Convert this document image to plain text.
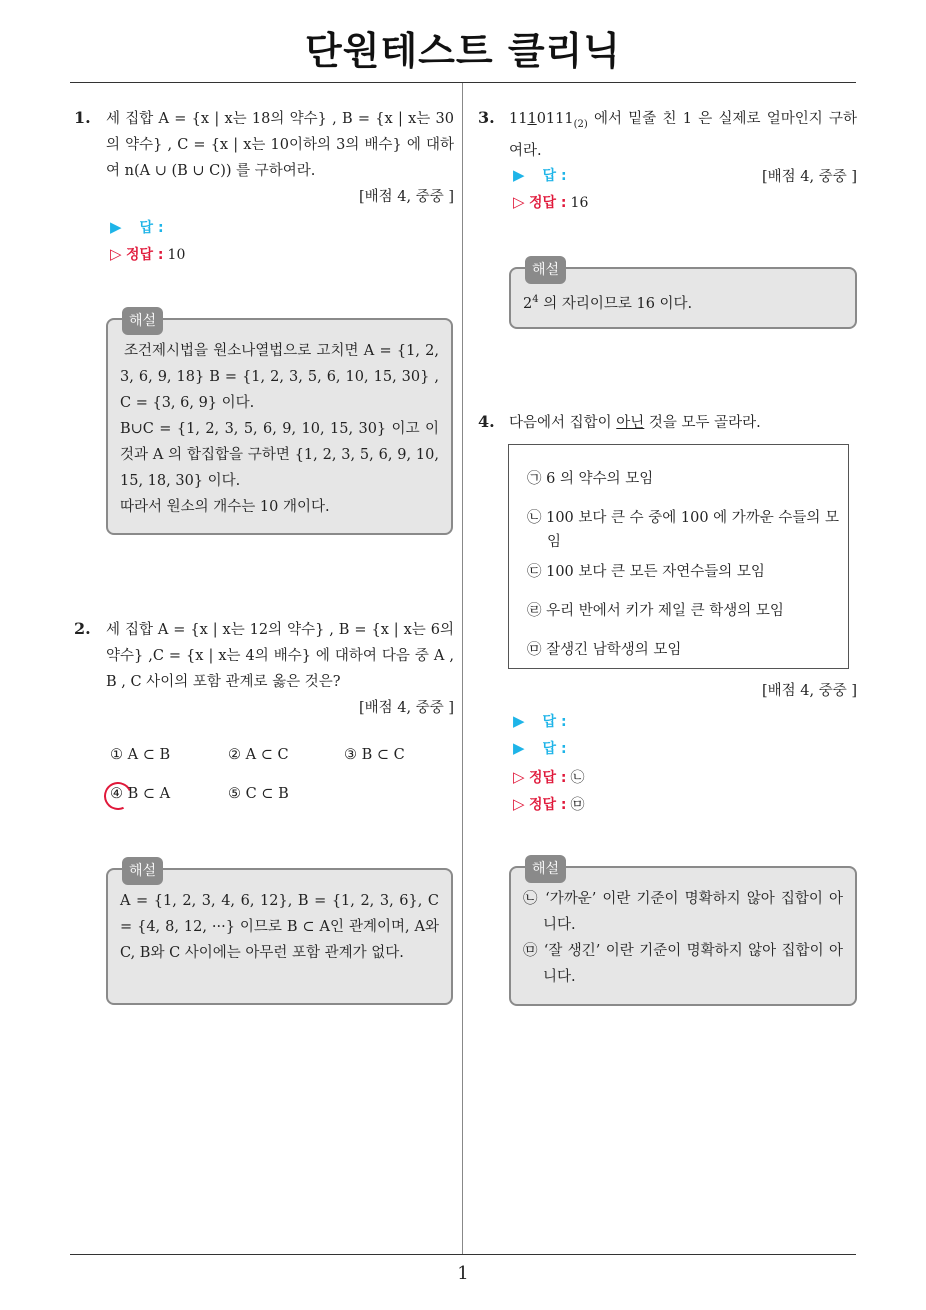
단원테스트 클리닉
1
1. 세 집합 A = {x | x는 18의 약수} , B = {x | x는 30의 약수} , C = {x | x는 10이하의 3의 배수} 에 대하여 n(A ∪ (B ∪ C)) 를 구하여라.
[배점 4, 중중 ]
▶ 답 :
▷ 정답 : 10
해설

조건제시법을 원소나열법으로 고치면 A = {1, 2, 3, 6, 9, 18} B = {1, 2, 3, 5, 6, 10, 15, 30} , C = {3, 6, 9} 이다.

B∪C = {1, 2, 3, 5, 6, 9, 10, 15, 30} 이고 이것과 A 의 합집합을 구하면 {1, 2, 3, 5, 6, 9, 10, 15, 18, 30} 이다.

따라서 원소의 개수는 10 개이다.

2. 세 집합 A = {x | x는 12의 약수} , B = {x | x는 6의 약수} ,C = {x | x는 4의 배수} 에 대하여 다음 중 A , B , C 사이의 포함 관계로 옳은 것은?
[배점 4, 중중 ]
① A ⊂ B	② A ⊂ C	③ B ⊂ C
④ B ⊂ A	⑤ C ⊂ B
해설

A = {1, 2, 3, 4, 6, 12}, B = {1, 2, 3, 6}, C = {4, 8, 12, ···} 이므로 B ⊂ A인 관계이며, A와 C, B와 C 사이에는 아무런 포함 관계가 없다.

3. $1110111_{(2)}$ 에서 밑줄 친 1 은 실제로 얼마인지 구하여라.
[배점 4, 중중 ]
▶ 답 :
▷ 정답 : 16
해설

$2^4$ 의 자리이므로 16 이다.

4. 다음에서 집합이 아닌 것을 모두 골라라.
㉠ 6 의 약수의 모임
㉡ 100 보다 큰 수 중에 100 에 가까운 수들의 모임
㉢ 100 보다 큰 모든 자연수들의 모임
㉣ 우리 반에서 키가 제일 큰 학생의 모임
㉤ 잘생긴 남학생의 모임
[배점 4, 중중 ]
▶ 답 :
▶ 답 :
▷ 정답 : ㉡
▷ 정답 : ㉤
해설

㉡ ‘가까운’ 이란 기준이 명확하지 않아 집합이 아니다.

㉤ ‘잘 생긴’ 이란 기준이 명확하지 않아 집합이 아니다.
